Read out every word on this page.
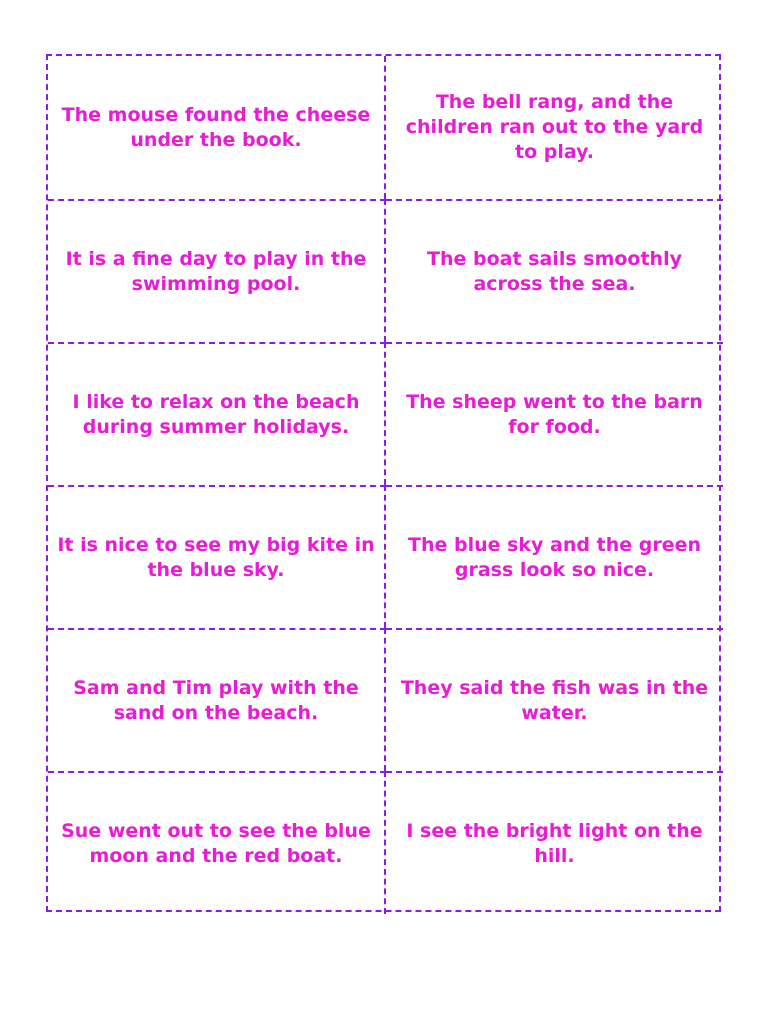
The mouse found the cheese under the book.

The bell rang, and the children ran out to the yard to play.

It is a fine day to play in the swimming pool.

The boat sails smoothly across the sea.

I like to relax on the beach during summer holidays.

The sheep went to the barn for food.

It is nice to see my big kite in the blue sky.

The blue sky and the green grass look so nice.

Sam and Tim play with the sand on the beach.

They said the fish was in the water.

Sue went out to see the blue moon and the red boat.

I see the bright light on the hill.
